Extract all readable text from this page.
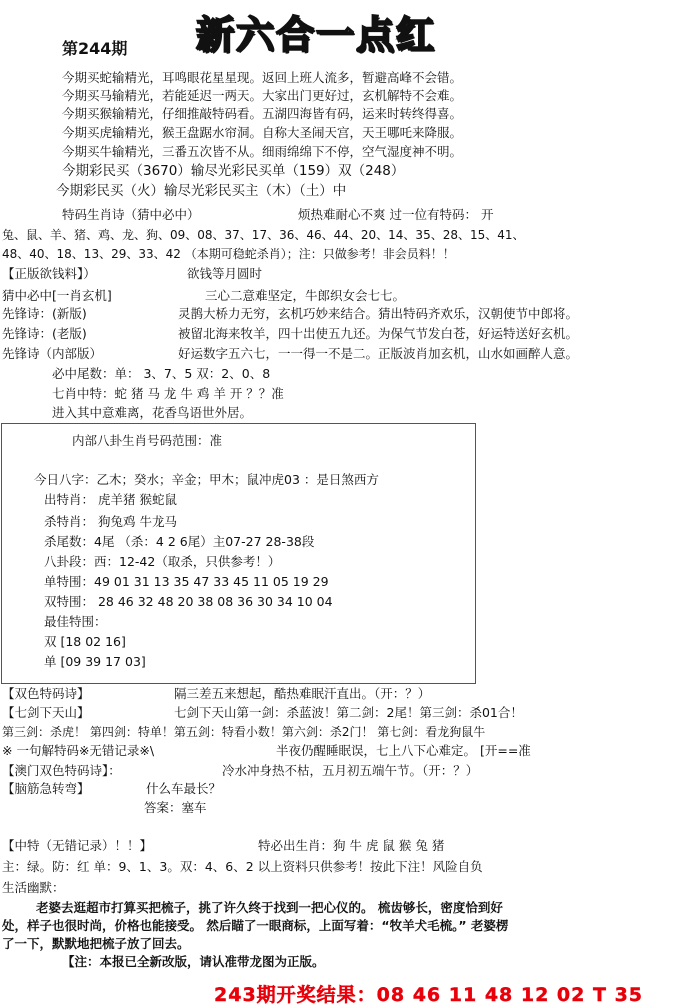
新六合一点红
第244期
今期买蛇输精光，耳鸣眼花星星现。返回上班人流多，暂避高峰不会错。
今期买马输精光，若能延迟一两天。大家出门更好过，玄机解特不会难。
今期买猴输精光，仔细推敲特码看。五湖四海皆有码，运来时转终得喜。
今期买虎输精光，猴王盘踞水帘洞。自称大圣闹天宫，天王哪吒来降服。
今期买牛输精光，三番五次皆不从。细雨绵绵下不停，空气湿度神不明。
今期彩民买（3670）输尽光彩民买单（159）双（248）
今期彩民买（火）输尽光彩民买主（木）（土）中
特码生肖诗（猜中必中）	烦热难耐心不爽 过一位有特码： 开
兔、鼠、羊、猪、鸡、龙、狗、09、08、37、17、36、46、44、20、14、35、28、15、41、
48、40、18、13、29、33、42 （本期可稳蛇杀肖）；注：只做参考！非会员料！！
【正版欲钱料】）	欲钱等月圆时
猜中必中[一肖玄机]	三心二意难坚定，牛郎织女会七七。
先锋诗：(新版)	灵鹊大桥力无穷，玄机巧妙来结合。猜出特码齐欢乐，汉朝使节中郎将。
先锋诗：(老版)	被留北海来牧羊，四十岀使五九还。为保气节发白苍，好运特送好玄机。
先锋诗（内部版）	好运数字五六七，一一得一不是二。正版波肖加玄机，山水如画醉人意。
必中尾数：单： 3、7、5 双：2、0、8
七肖中特：蛇 猪 马 龙 牛 鸡 羊 开 ？？准
进入其中意难离，花香鸟语世外居。
内部八卦生肖号码范围：准
今日八字：乙木；癸水；辛金；甲木；鼠冲虎03 ：是日煞西方
出特肖： 虎羊猪 猴蛇鼠
杀特肖： 狗兔鸡 牛龙马
杀尾数：4尾 （杀：4 2 6尾）主07-27 28-38段
八卦段：西：12-42（取杀，只供参考！）
单特围：49 01 31 13 35 47 33 45 11 05 19 29
双特围： 28 46 32 48 20 38 08 36 30 34 10 04
最佳特围：
双 [18 02 16]
单 [09 39 17 03]
【双色特码诗】	隔三差五来想起，酷热难眠汗直出。（开：？）
【七剑下天山】	七剑下天山第一剑：杀蓝波！第二剑：2尾！第三剑：杀01合！
第三剑：杀虎！ 第四剑：特单！第五剑：特看小数！第六剑：杀2门！ 第七剑：看龙狗鼠牛
※ 一句解特码※无错记录※\	半夜仍醒睡眠误，七上八下心难定。 [开==准
【澳门双色特码诗】：	冷水冲身热不枯，五月初五端午节。（开：？）
【脑筋急转弯】	什么车最长？
答案：塞车
【中特（无错记录）！！】	特必出生肖：狗 牛 虎 鼠 猴 兔 猪
主：绿。防：红 单：9、1、3。双：4、6、2 以上资料只供参考！按此下注！风险自负
生活幽默：
老婆去逛超市打算买把梳子，挑了许久终于找到一把心仪的。 梳齿够长，密度恰到好
处，样子也很时尚，价格也能接受。 然后瞄了一眼商标，上面写着：“牧羊犬毛梳。” 老婆楞
了一下，默默地把梳子放了回去。
【注：本报已全新改版，请认准带龙图为正版。
243期开奖结果：08 46 11 48 12 02 T 35
